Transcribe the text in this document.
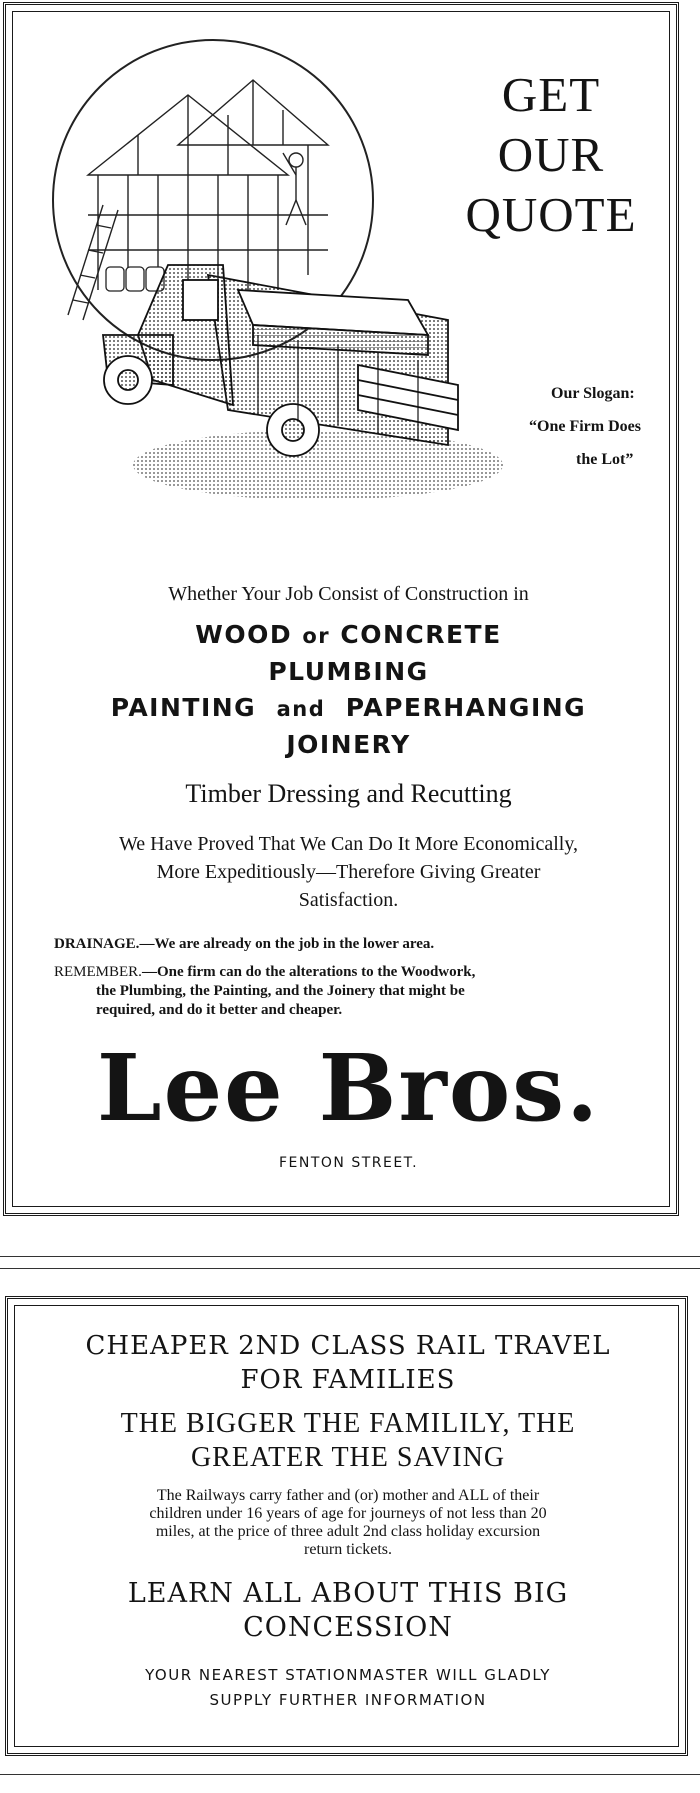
GET
OUR
QUOTE
Our Slogan:
“One Firm Does
the Lot”
Whether Your Job Consist of Construction in
WOOD or CONCRETE
PLUMBING
PAINTING and PAPERHANGING
JOINERY
Timber Dressing and Recutting
We Have Proved That We Can Do It More Economically,
More Expeditiously—Therefore Giving Greater
Satisfaction.
DRAINAGE.—We are already on the job in the lower area.
REMEMBER.—One firm can do the alterations to the Woodwork,
the Plumbing, the Painting, and the Joinery that might be
required, and do it better and cheaper.
Lee Bros.
FENTON STREET.
CHEAPER 2ND CLASS RAIL TRAVEL
FOR FAMILIES
THE BIGGER THE FAMILILY, THE
GREATER THE SAVING
The Railways carry father and (or) mother and ALL of their
children under 16 years of age for journeys of not less than 20
miles, at the price of three adult 2nd class holiday excursion
return tickets.
LEARN ALL ABOUT THIS BIG
CONCESSION
YOUR NEAREST STATIONMASTER WILL GLADLY
SUPPLY FURTHER INFORMATION
